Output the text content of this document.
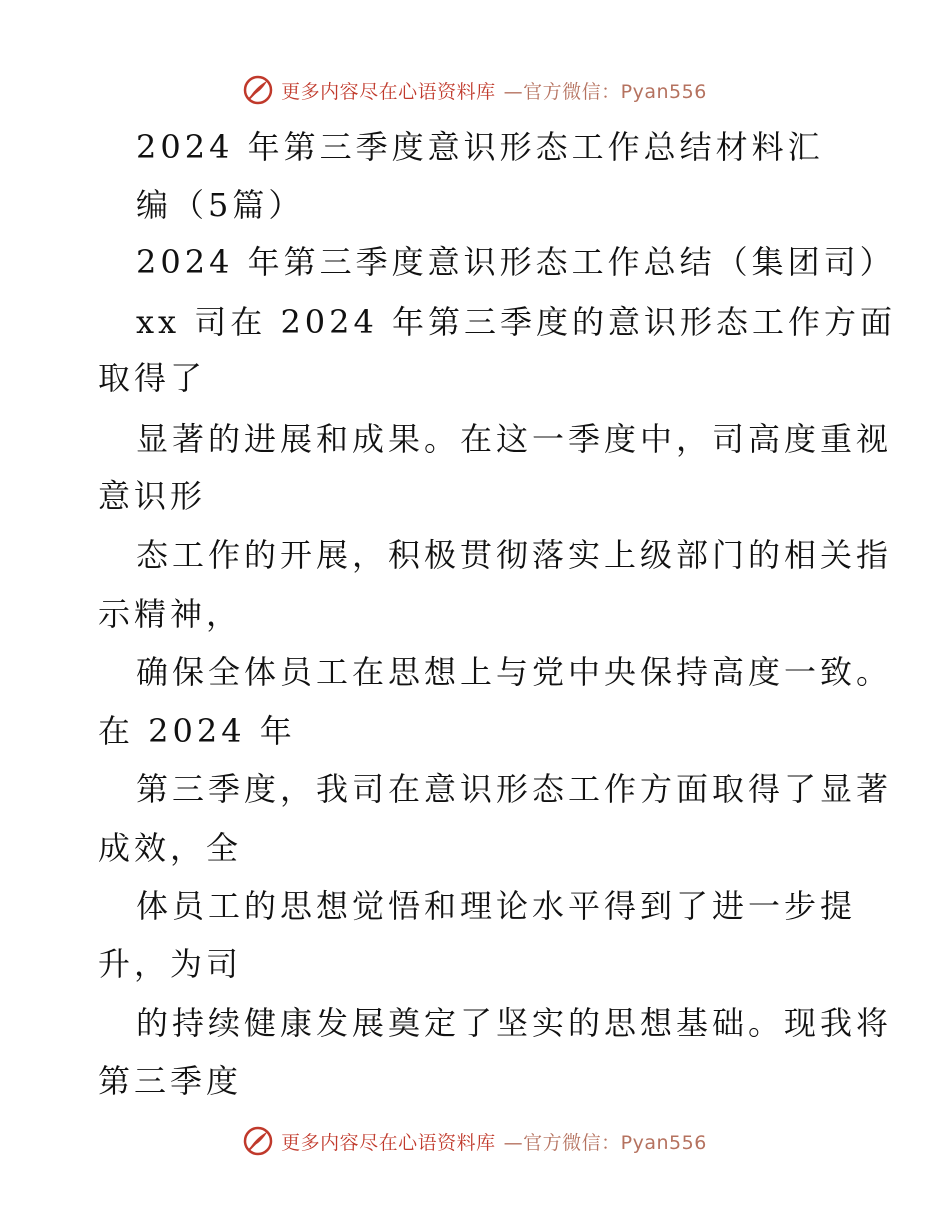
更多内容尽在心语资料库 —官方微信：Pyan556
2024 年第三季度意识形态工作总结材料汇
编（5篇）
2024 年第三季度意识形态工作总结（集团司）
xx 司在 2024 年第三季度的意识形态工作方面
取得了
显著的进展和成果。在这一季度中，司高度重视
意识形
态工作的开展，积极贯彻落实上级部门的相关指
示精神，
确保全体员工在思想上与党中央保持高度一致。
在 2024 年
第三季度，我司在意识形态工作方面取得了显著
成效，全
体员工的思想觉悟和理论水平得到了进一步提
升，为司
的持续健康发展奠定了坚实的思想基础。现我将
第三季度
更多内容尽在心语资料库 —官方微信：Pyan556
